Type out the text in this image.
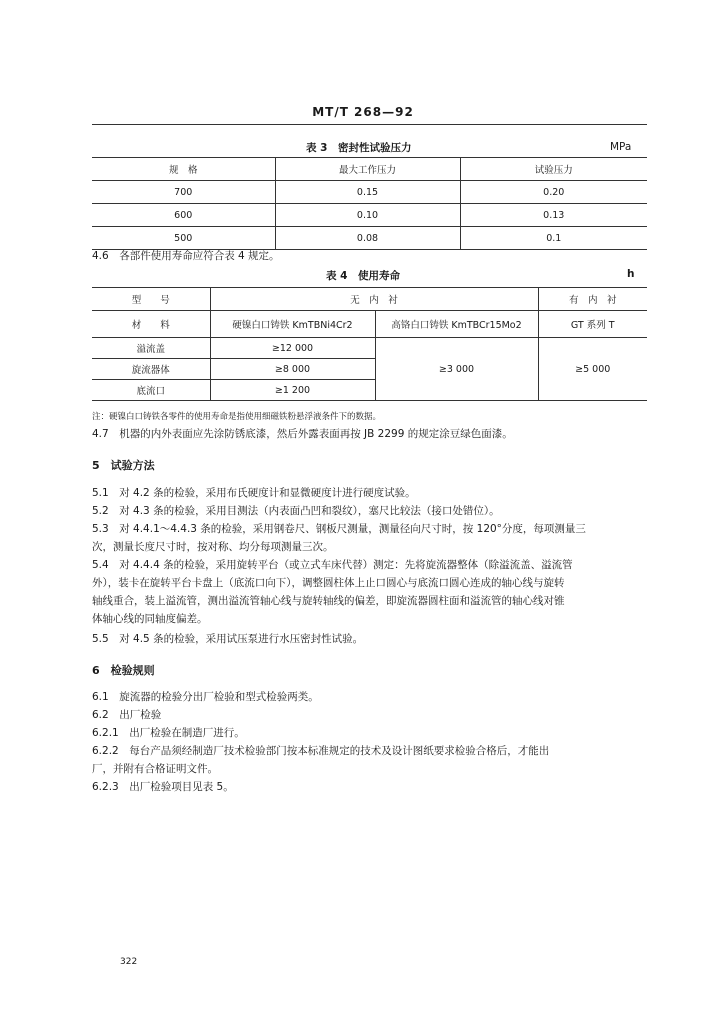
MT/T 268—92
表 3　密封性试验压力	MPa
规　格	最大工作压力	试验压力
700	0.15	0.20
600	0.10	0.13
500	0.08	0.1
4.6　各部件使用寿命应符合表 4 规定。
表 4　使用寿命	h
型　　号	无　内　衬		有　内　衬
材　　料	硬镍白口铸铁 KmTBNi4Cr2	高铬白口铸铁 KmTBCr15Mo2	GT 系列 T
溢流盖	≥12 000	≥3 000	≥5 000
旋流器体	≥8 000		
底流口	≥1 200		
注：硬镍白口铸铁各零件的使用寿命是指使用细磁铁粉悬浮液条件下的数据。
4.7　机器的内外表面应先涂防锈底漆，然后外露表面再按 JB 2299 的规定涂豆绿色面漆。
5　试验方法
5.1　对 4.2 条的检验，采用布氏硬度计和显微硬度计进行硬度试验。
5.2　对 4.3 条的检验，采用目测法（内表面凸凹和裂纹），塞尺比较法（接口处错位）。
5.3　对 4.4.1～4.4.3 条的检验，采用钢卷尺、钢板尺测量，测量径向尺寸时，按 120°分度，每项测量三
次，测量长度尺寸时，按对称、均分每项测量三次。
5.4　对 4.4.4 条的检验，采用旋转平台（或立式车床代替）测定：先将旋流器整体（除溢流盖、溢流管
外），装卡在旋转平台卡盘上（底流口向下），调整圆柱体上止口圆心与底流口圆心连成的轴心线与旋转
轴线重合，装上溢流管，测出溢流管轴心线与旋转轴线的偏差，即旋流器圆柱面和溢流管的轴心线对锥
体轴心线的同轴度偏差。
5.5　对 4.5 条的检验，采用试压泵进行水压密封性试验。
6　检验规则
6.1　旋流器的检验分出厂检验和型式检验两类。
6.2　出厂检验
6.2.1　出厂检验在制造厂进行。
6.2.2　每台产品须经制造厂技术检验部门按本标准规定的技术及设计图纸要求检验合格后，才能出
厂，并附有合格证明文件。
6.2.3　出厂检验项目见表 5。
322
